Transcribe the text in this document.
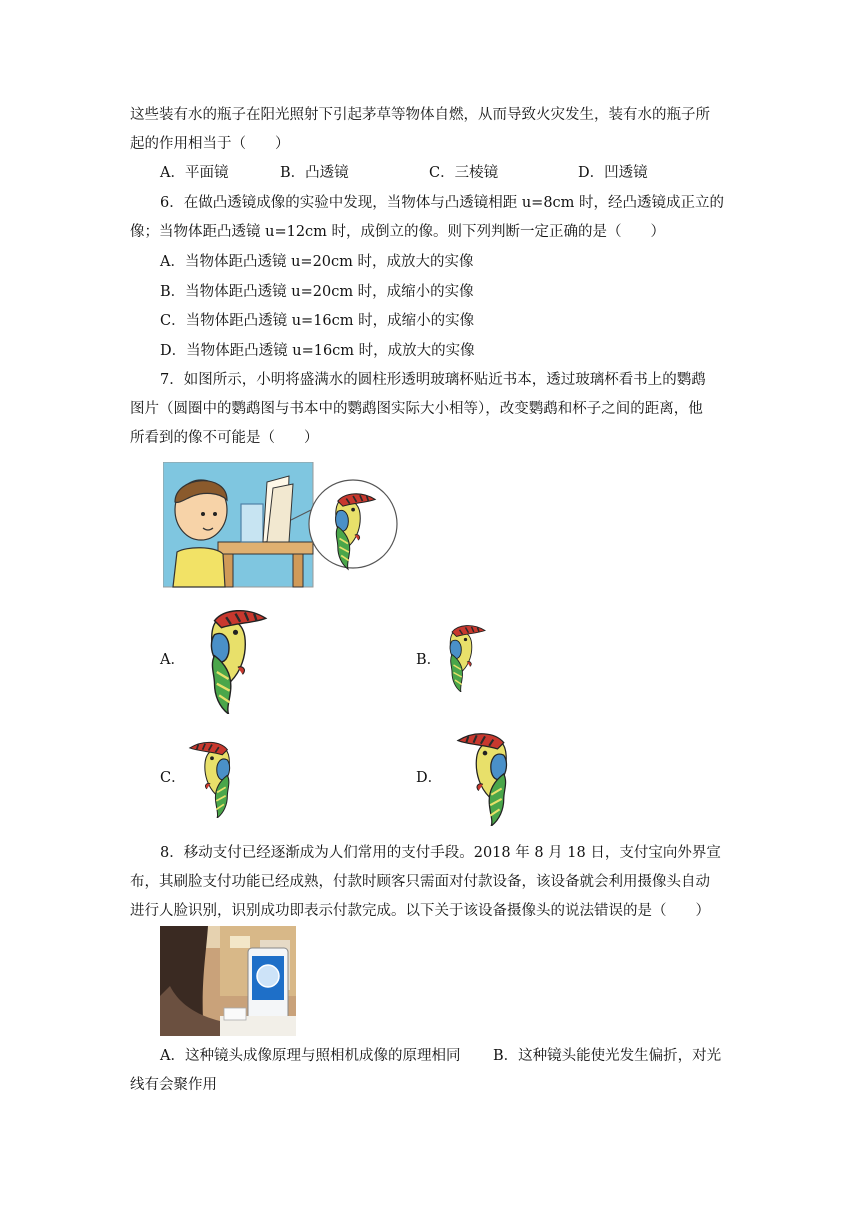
这些装有水的瓶子在阳光照射下引起茅草等物体自燃，从而导致火灾发生，装有水的瓶子所
起的作用相当于（　　）
A．平面镜	B．凸透镜	C．三棱镜	D．凹透镜
6．在做凸透镜成像的实验中发现，当物体与凸透镜相距 u=8cm 时，经凸透镜成正立的
像；当物体距凸透镜 u=12cm 时，成倒立的像。则下列判断一定正确的是（　　）
A．当物体距凸透镜 u=20cm 时，成放大的实像
B．当物体距凸透镜 u=20cm 时，成缩小的实像
C．当物体距凸透镜 u=16cm 时，成缩小的实像
D．当物体距凸透镜 u=16cm 时，成放大的实像
7．如图所示，小明将盛满水的圆柱形透明玻璃杯贴近书本，透过玻璃杯看书上的鹦鹉
图片（圆圈中的鹦鹉图与书本中的鹦鹉图实际大小相等），改变鹦鹉和杯子之间的距离，他
所看到的像不可能是（　　）
A．	B．
C．	D．
8．移动支付已经逐渐成为人们常用的支付手段。2018 年 8 月 18 日，支付宝向外界宣
布，其刷脸支付功能已经成熟，付款时顾客只需面对付款设备，该设备就会利用摄像头自动
进行人脸识别，识别成功即表示付款完成。以下关于该设备摄像头的说法错误的是（　　）
A．这种镜头成像原理与照相机成像的原理相同 B．这种镜头能使光发生偏折，对光
线有会聚作用
